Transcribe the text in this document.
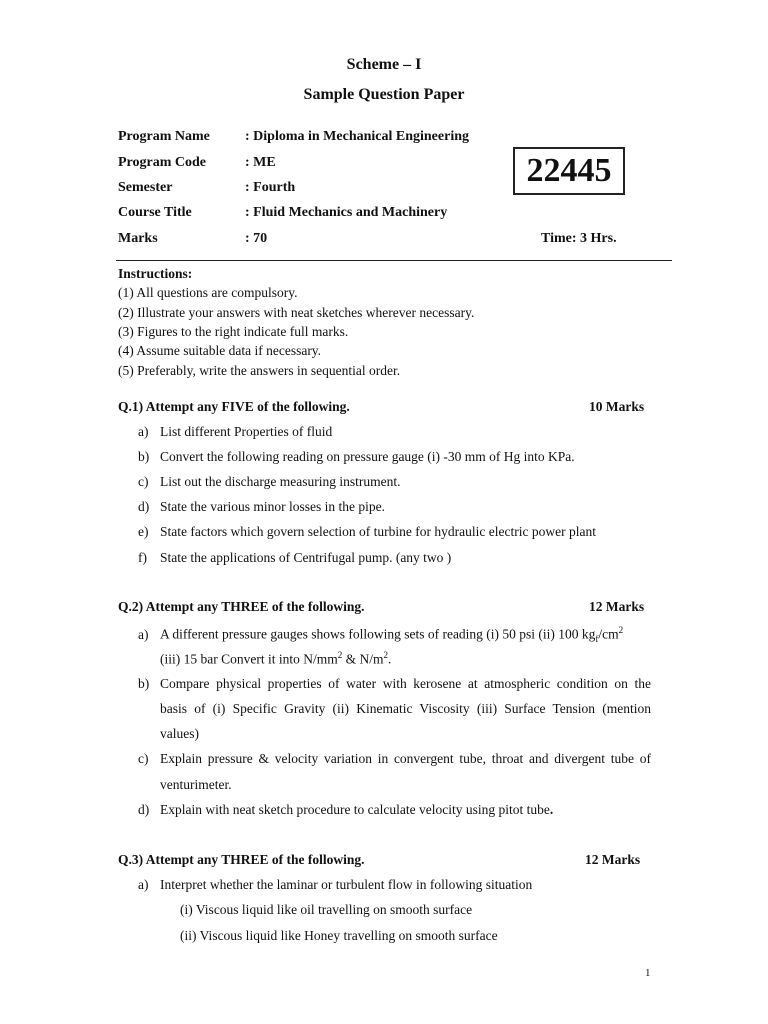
Scheme – I
Sample Question Paper
Program Name	: Diploma in Mechanical Engineering
Program Code	: ME
Semester	: Fourth
Course Title	: Fluid Mechanics and Machinery
Marks	: 70
22445
Time: 3 Hrs.
Instructions:
(1) All questions are compulsory.
(2) Illustrate your answers with neat sketches wherever necessary.
(3) Figures to the right indicate full marks.
(4) Assume suitable data if necessary.
(5) Preferably, write the answers in sequential order.
Q.1) Attempt any FIVE of the following.	10 Marks
a) List different Properties of fluid
b) Convert the following reading on pressure gauge (i) -30 mm of Hg into KPa.
c) List out the discharge measuring instrument.
d) State the various minor losses in the pipe.
e) State factors which govern selection of turbine for hydraulic electric power plant
f) State the applications of Centrifugal pump. (any two )
Q.2) Attempt any THREE of the following.	12 Marks
a) A different pressure gauges shows following sets of reading (i) 50 psi (ii) 100 $kg_f/cm^2$
(iii) 15 bar Convert it into $N/mm^2$ & $N/m^2$.
b) Compare physical properties of water with kerosene at atmospheric condition on the
basis of (i) Specific Gravity (ii) Kinematic Viscosity (iii) Surface Tension (mention
values)
c) Explain pressure & velocity variation in convergent tube, throat and divergent tube of
venturimeter.
d) Explain with neat sketch procedure to calculate velocity using pitot tube.
Q.3) Attempt any THREE of the following.	12 Marks
a) Interpret whether the laminar or turbulent flow in following situation
(i) Viscous liquid like oil travelling on smooth surface
(ii) Viscous liquid like Honey travelling on smooth surface
1
